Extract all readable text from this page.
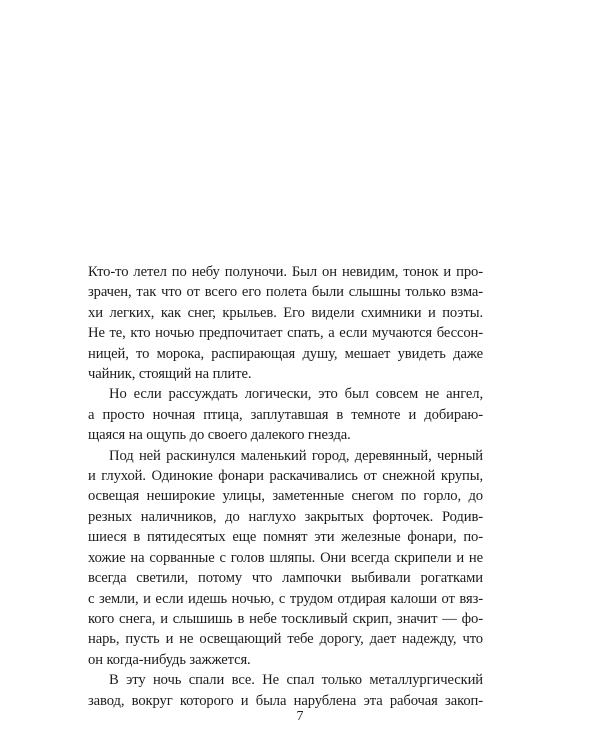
Кто-то летел по небу полуночи. Был он невидим, тонок и про-
зрачен, так что от всего его полета были слышны только взма-
хи легких, как снег, крыльев. Его видели схимники и поэты.
Не те, кто ночью предпочитает спать, а если мучаются бессон-
ницей, то морока, распирающая душу, мешает увидеть даже
чайник, стоящий на плите.

Но если рассуждать логически, это был совсем не ангел,
а просто ночная птица, заплутавшая в темноте и добираю-
щаяся на ощупь до своего далекого гнезда.

Под ней раскинулся маленький город, деревянный, черный
и глухой. Одинокие фонари раскачивались от снежной крупы,
освещая неширокие улицы, заметенные снегом по горло, до
резных наличников, до наглухо закрытых форточек. Родив-
шиеся в пятидесятых еще помнят эти железные фонари, по-
хожие на сорванные с голов шляпы. Они всегда скрипели и не
всегда светили, потому что лампочки выбивали рогатками
с земли, и если идешь ночью, с трудом отдирая калоши от вяз-
кого снега, и слышишь в небе тоскливый скрип, значит — фо-
нарь, пусть и не освещающий тебе дорогу, дает надежду, что
он когда-нибудь зажжется.

В эту ночь спали все. Не спал только металлургический
завод, вокруг которого и была нарублена эта рабочая закоп-

7
